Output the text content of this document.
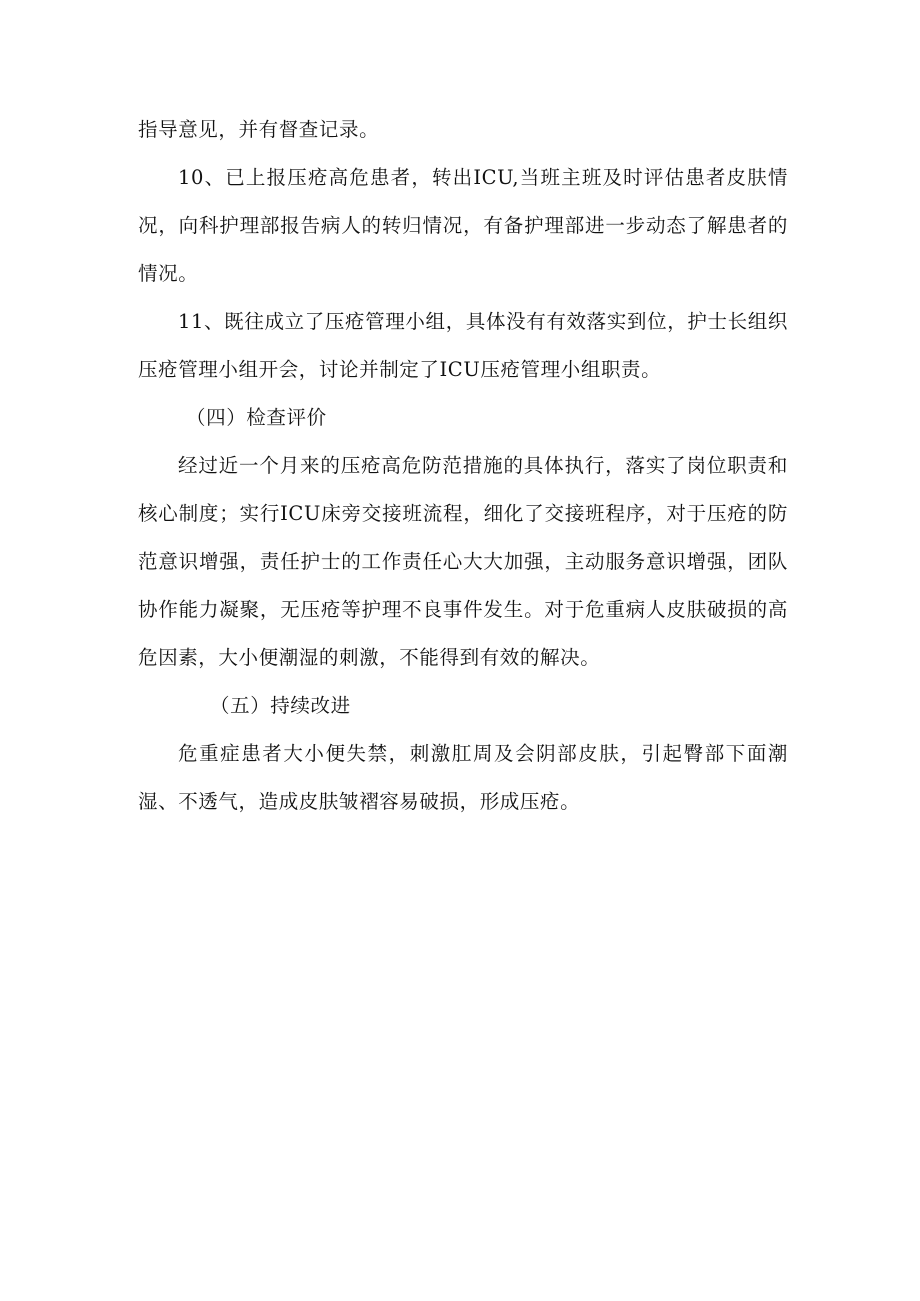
指导意见，并有督查记录。

10、已上报压疮高危患者，转出ICU,当班主班及时评估患者皮肤情况，向科护理部报告病人的转归情况，有备护理部进一步动态了解患者的情况。

11、既往成立了压疮管理小组，具体没有有效落实到位，护士长组织压疮管理小组开会，讨论并制定了ICU压疮管理小组职责。

（四）检查评价

经过近一个月来的压疮高危防范措施的具体执行，落实了岗位职责和核心制度；实行ICU床旁交接班流程，细化了交接班程序，对于压疮的防范意识增强，责任护士的工作责任心大大加强，主动服务意识增强，团队协作能力凝聚，无压疮等护理不良事件发生。对于危重病人皮肤破损的高危因素，大小便潮湿的刺激，不能得到有效的解决。

（五）持续改进

危重症患者大小便失禁，刺激肛周及会阴部皮肤，引起臀部下面潮湿、不透气，造成皮肤皱褶容易破损，形成压疮。
